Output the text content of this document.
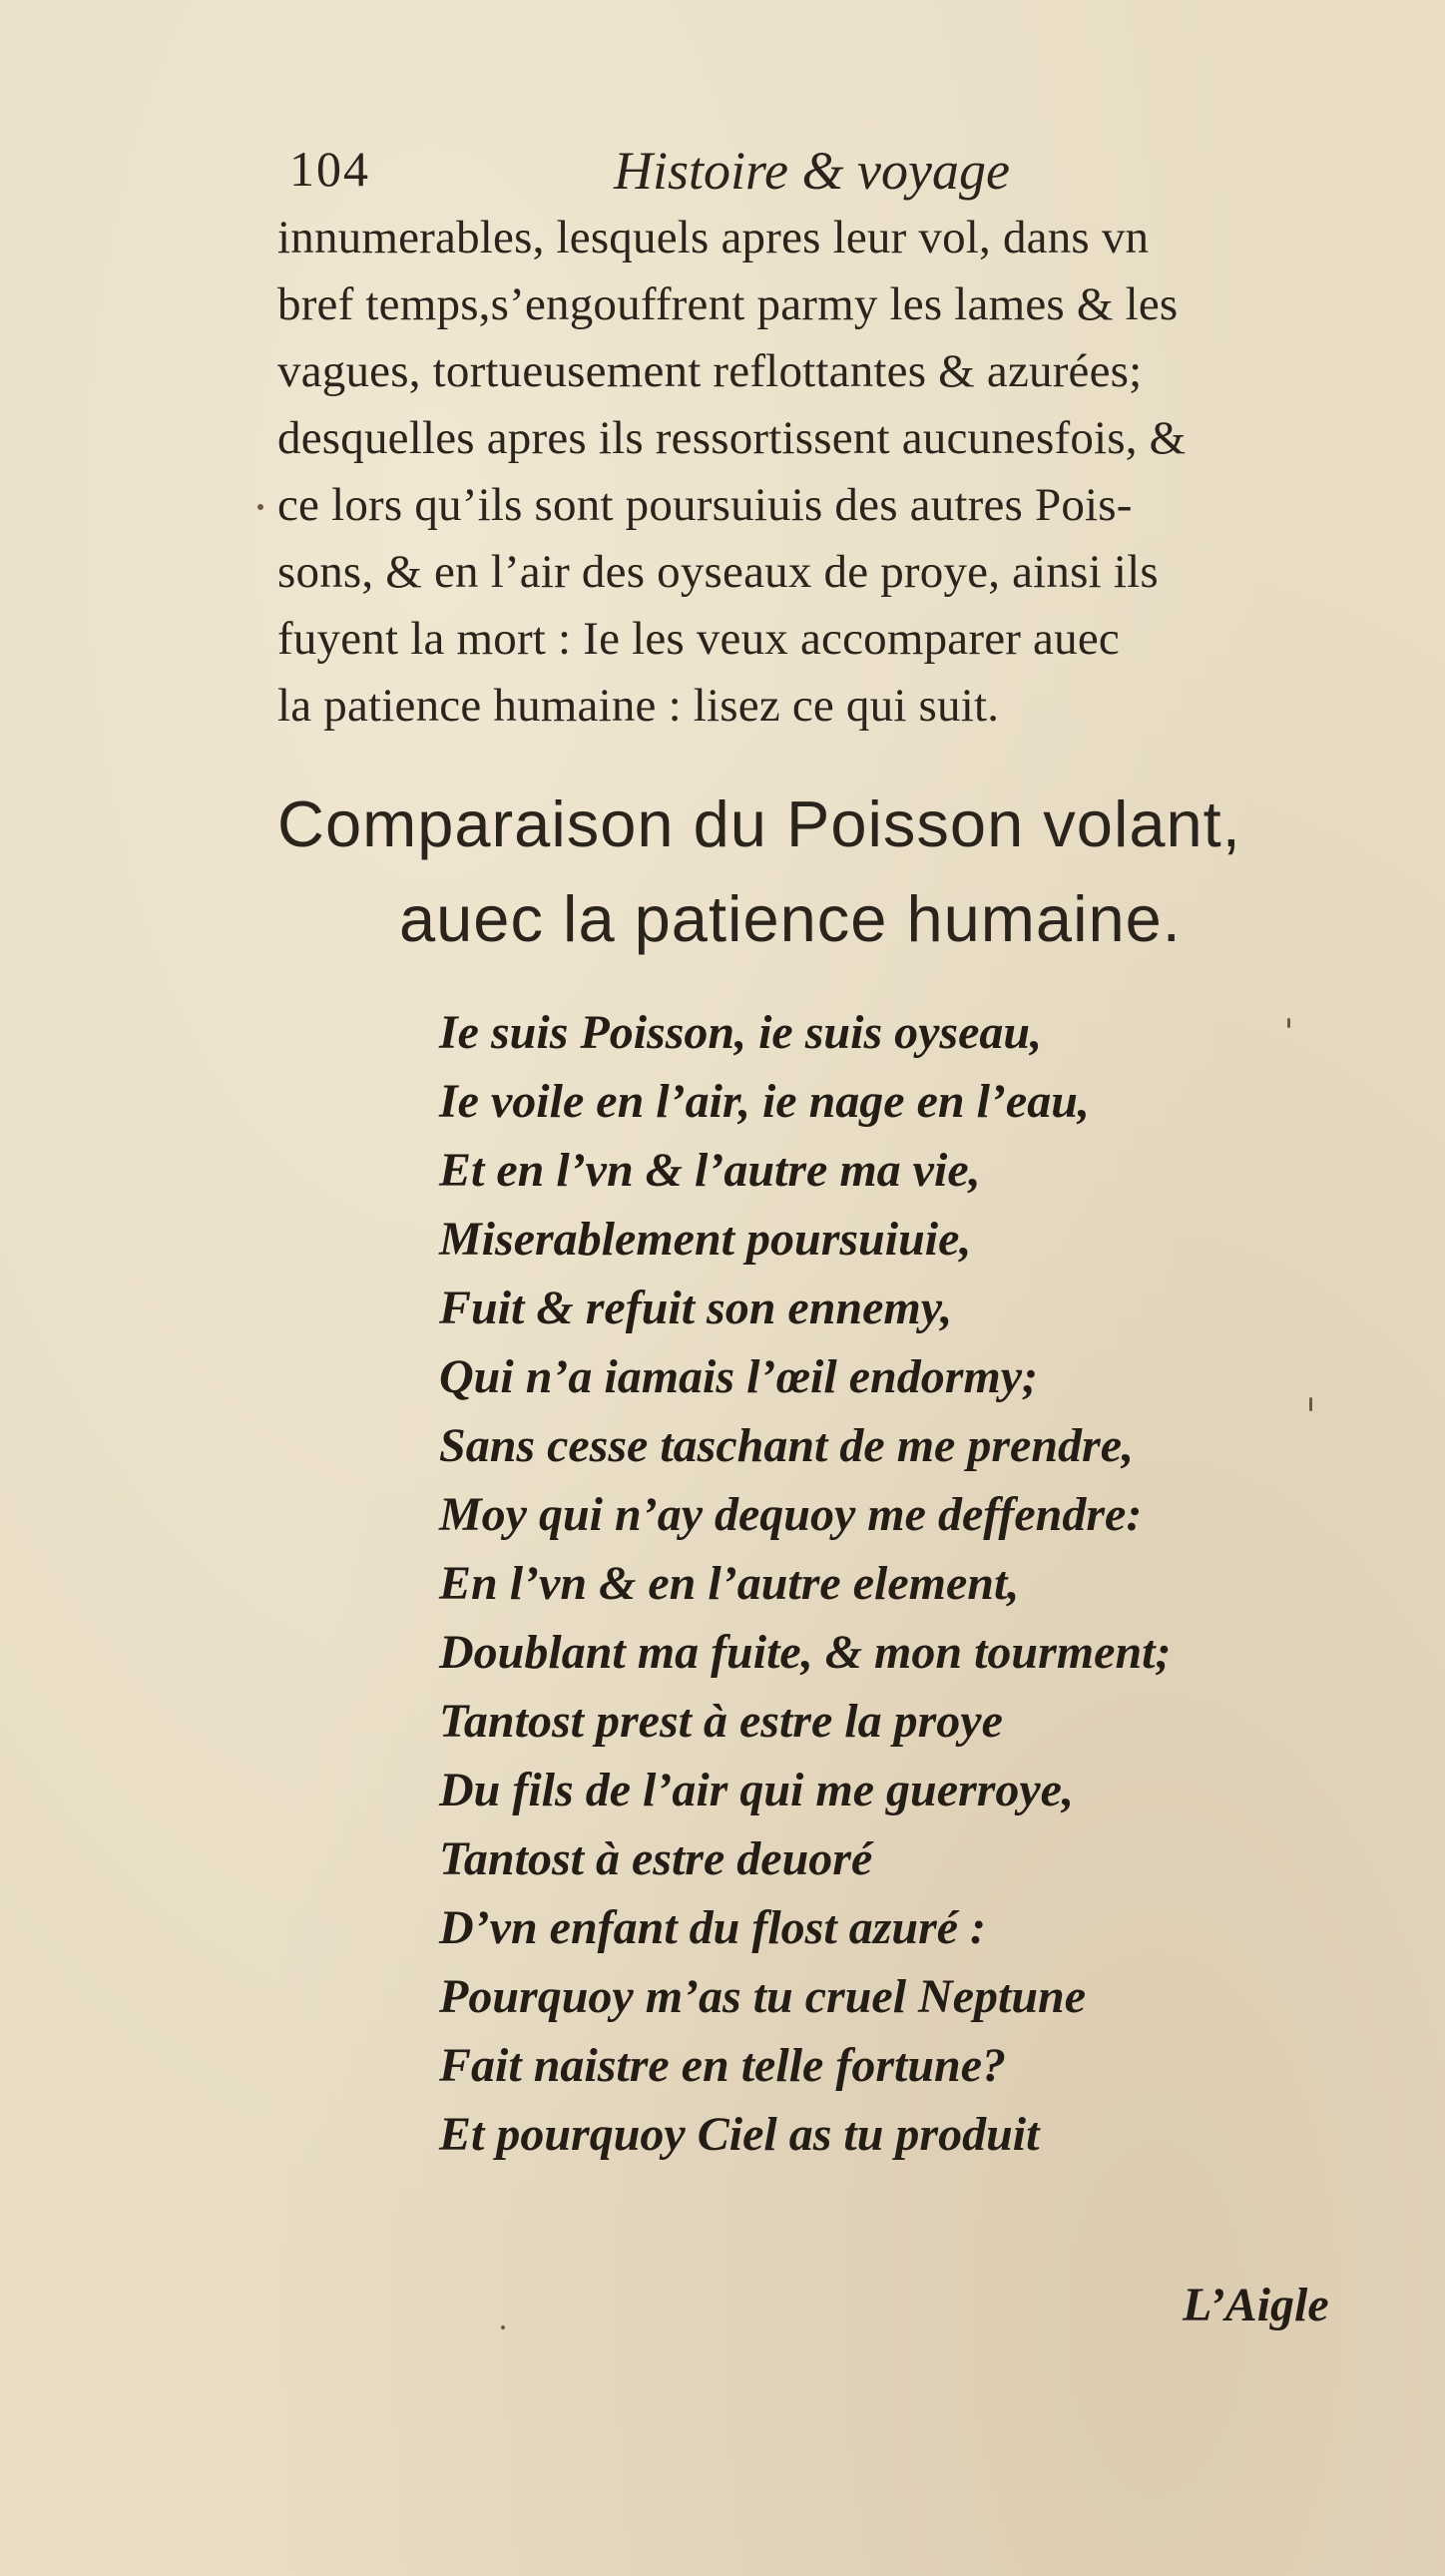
104	Histoire & voyage
innumerables, lesquels apres leur vol, dans vn
bref temps,s’engouffrent parmy les lames & les
vagues, tortueusement reflottantes & azurées;
desquelles apres ils ressortissent aucunesfois, &
ce lors qu’ils sont poursuiuis des autres Pois-
sons, & en l’air des oyseaux de proye, ainsi ils
fuyent la mort : Ie les veux accomparer auec
la patience humaine : lisez ce qui suit.
Comparaison du Poisson volant,
auec la patience humaine.
Ie suis Poisson, ie suis oyseau,
Ie voile en l’air, ie nage en l’eau,
Et en l’vn & l’autre ma vie,
Miserablement poursuiuie,
Fuit & refuit son ennemy,
Qui n’a iamais l’œil endormy;
Sans cesse taschant de me prendre,
Moy qui n’ay dequoy me deffendre:
En l’vn & en l’autre element,
Doublant ma fuite, & mon tourment;
Tantost prest à estre la proye
Du fils de l’air qui me guerroye,
Tantost à estre deuoré
D’vn enfant du flost azuré :
Pourquoy m’as tu cruel Neptune
Fait naistre en telle fortune?
Et pourquoy Ciel as tu produit
L’Aigle
